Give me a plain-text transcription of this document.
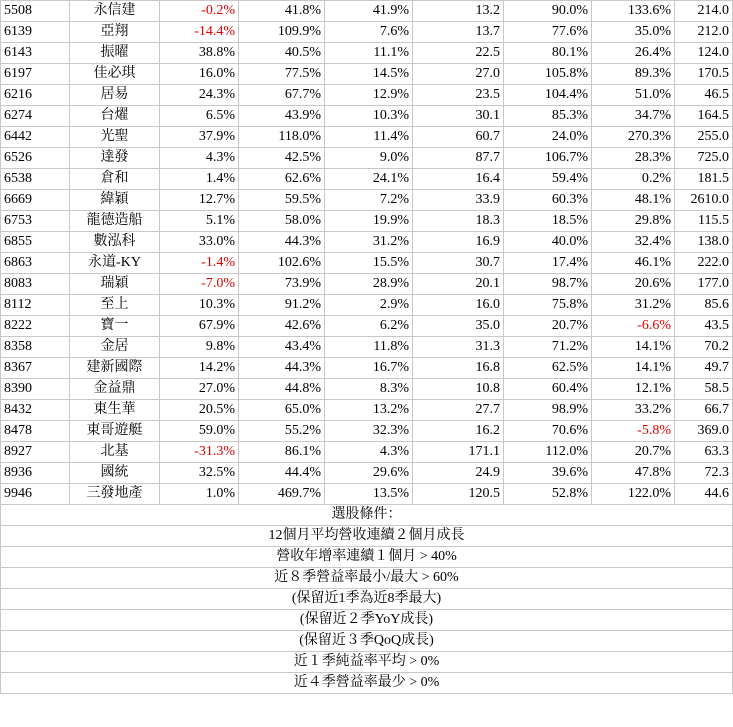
5508	永信建	-0.2%	41.8%	41.9%	13.2	90.0%	133.6%	214.0
6139	亞翔	-14.4%	109.9%	7.6%	13.7	77.6%	35.0%	212.0
6143	振曜	38.8%	40.5%	11.1%	22.5	80.1%	26.4%	124.0
6197	佳必琪	16.0%	77.5%	14.5%	27.0	105.8%	89.3%	170.5
6216	居易	24.3%	67.7%	12.9%	23.5	104.4%	51.0%	46.5
6274	台燿	6.5%	43.9%	10.3%	30.1	85.3%	34.7%	164.5
6442	光聖	37.9%	118.0%	11.4%	60.7	24.0%	270.3%	255.0
6526	達發	4.3%	42.5%	9.0%	87.7	106.7%	28.3%	725.0
6538	倉和	1.4%	62.6%	24.1%	16.4	59.4%	0.2%	181.5
6669	緯穎	12.7%	59.5%	7.2%	33.9	60.3%	48.1%	2610.0
6753	龍德造船	5.1%	58.0%	19.9%	18.3	18.5%	29.8%	115.5
6855	數泓科	33.0%	44.3%	31.2%	16.9	40.0%	32.4%	138.0
6863	永道-KY	-1.4%	102.6%	15.5%	30.7	17.4%	46.1%	222.0
8083	瑞穎	-7.0%	73.9%	28.9%	20.1	98.7%	20.6%	177.0
8112	至上	10.3%	91.2%	2.9%	16.0	75.8%	31.2%	85.6
8222	寶一	67.9%	42.6%	6.2%	35.0	20.7%	-6.6%	43.5
8358	金居	9.8%	43.4%	11.8%	31.3	71.2%	14.1%	70.2
8367	建新國際	14.2%	44.3%	16.7%	16.8	62.5%	14.1%	49.7
8390	金益鼎	27.0%	44.8%	8.3%	10.8	60.4%	12.1%	58.5
8432	東生華	20.5%	65.0%	13.2%	27.7	98.9%	33.2%	66.7
8478	東哥遊艇	59.0%	55.2%	32.3%	16.2	70.6%	-5.8%	369.0
8927	北基	-31.3%	86.1%	4.3%	171.1	112.0%	20.7%	63.3
8936	國統	32.5%	44.4%	29.6%	24.9	39.6%	47.8%	72.3
9946	三發地產	1.0%	469.7%	13.5%	120.5	52.8%	122.0%	44.6
選股條件：								
12個月平均營收連續２個月成長								
營收年增率連續１個月 > 40%								
近８季營益率最小/最大 > 60%								
(保留近1季為近8季最大)								
(保留近２季YoY成長)								
(保留近３季QoQ成長)								
近１季純益率平均 > 0%								
近４季營益率最少 > 0%								
